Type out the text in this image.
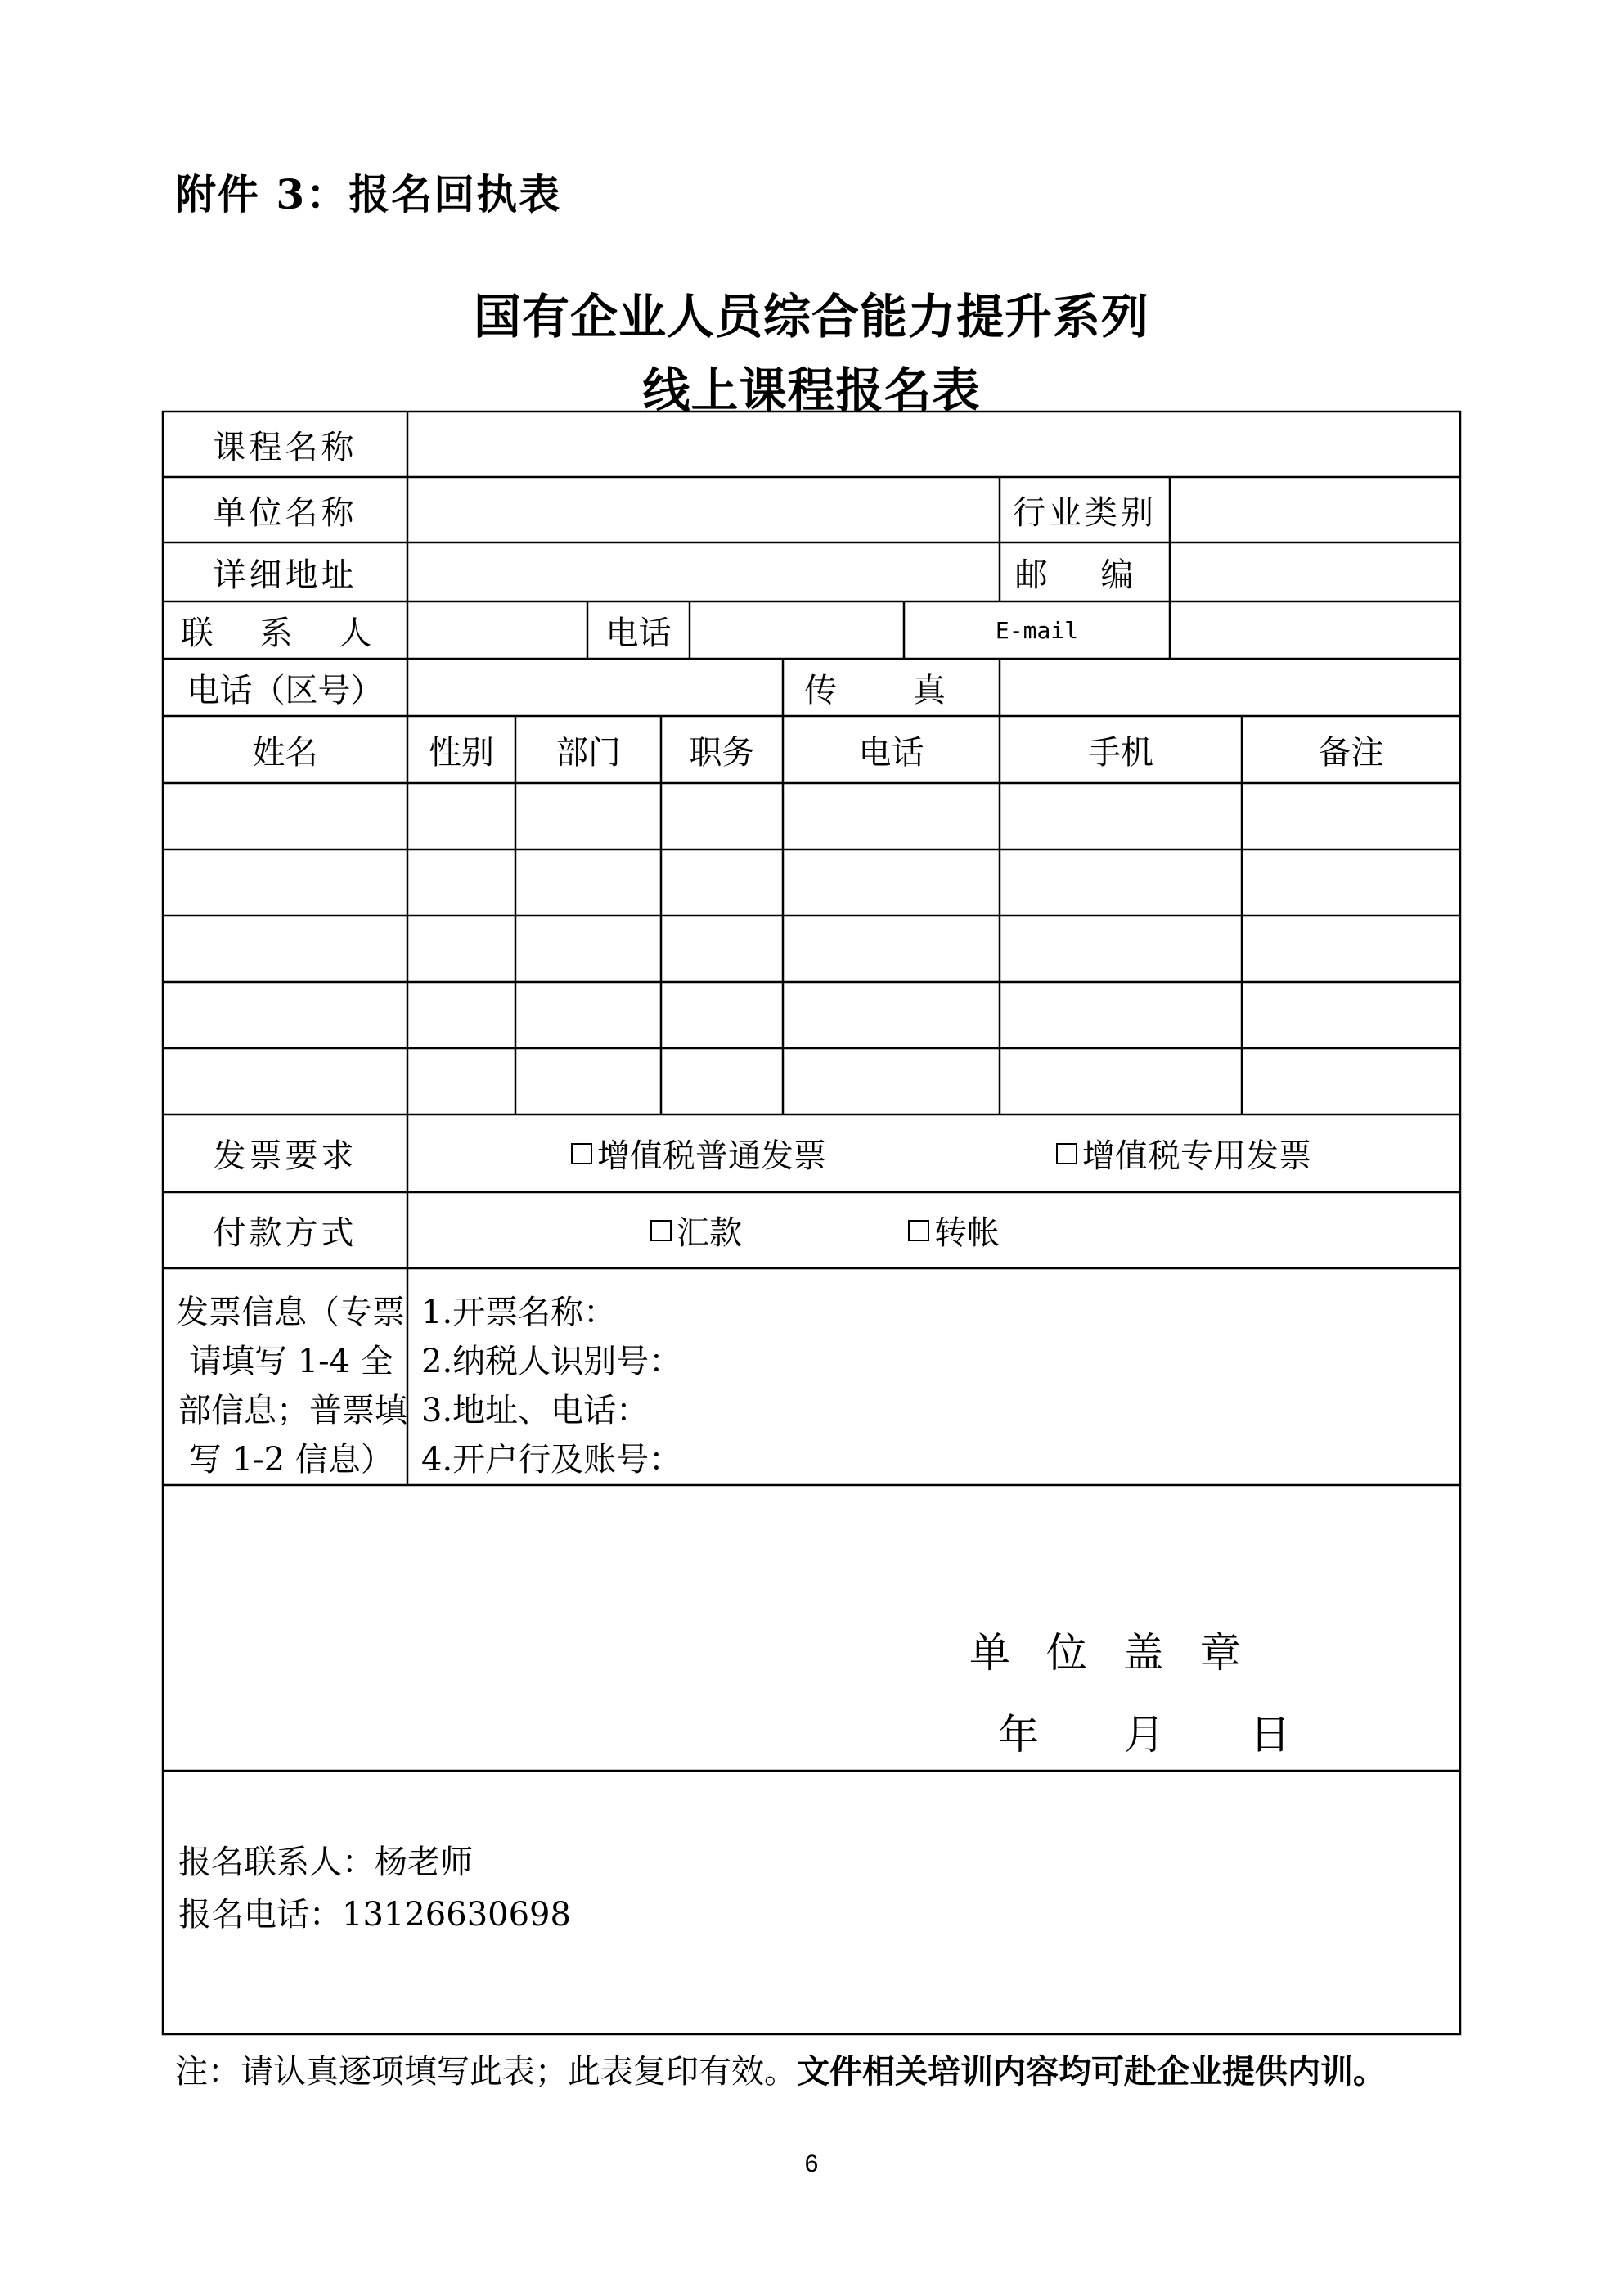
附件 3：报名回执表
国有企业人员综合能力提升系列
线上课程报名表
课程名称
单位名称	行业类别
详细地址	邮 编
联 系 人	电话	E-mail
电话（区号）	传 真
姓名	性别	部门	职务	电话	手机	备注
发票要求	增值税普通发票	增值税专用发票
付款方式	汇款	转帐
发票信息（专票
请填写 1-4 全
部信息；普票填
写 1-2 信息）
1.开票名称：
2.纳税人识别号：
3.地址、电话：
4.开户行及账号：
单 位 盖 章
年  月  日
报名联系人：杨老师
报名电话：13126630698
注：请认真逐项填写此表；此表复印有效。文件相关培训内容均可赴企业提供内训。
6
